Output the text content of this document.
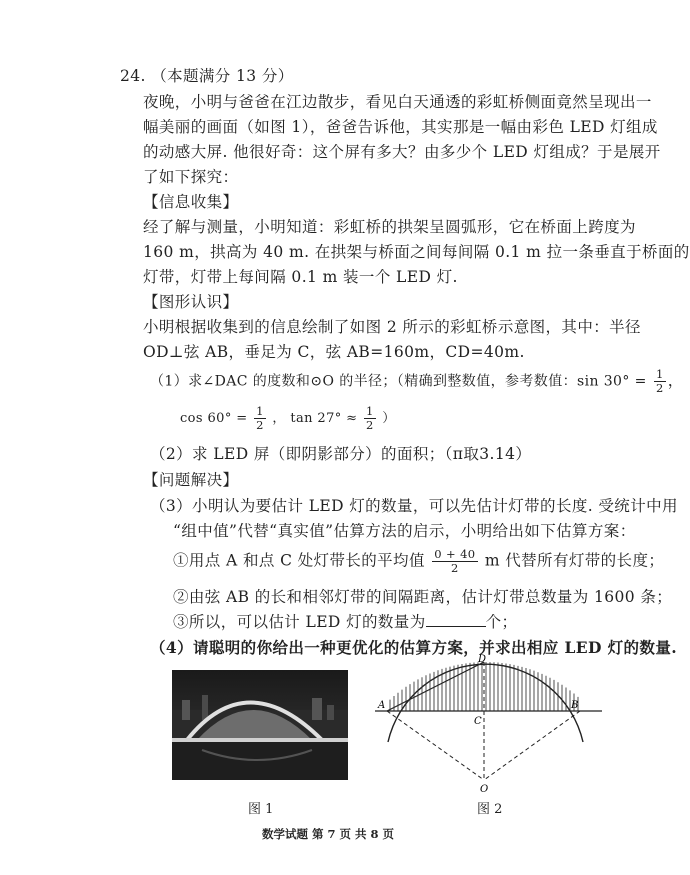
24. （本题满分 13 分）
夜晚，小明与爸爸在江边散步，看见白天通透的彩虹桥侧面竟然呈现出一
幅美丽的画面（如图 1），爸爸告诉他，其实那是一幅由彩色 LED 灯组成
的动感大屏. 他很好奇：这个屏有多大？由多少个 LED 灯组成？于是展开
了如下探究：
【信息收集】
经了解与测量，小明知道：彩虹桥的拱架呈圆弧形，它在桥面上跨度为
160 m，拱高为 40 m. 在拱架与桥面之间每间隔 0.1 m 拉一条垂直于桥面的
灯带，灯带上每间隔 0.1 m 装一个 LED 灯.
【图形认识】
小明根据收集到的信息绘制了如图 2 所示的彩虹桥示意图，其中：半径
OD⊥弦 AB，垂足为 C，弦 AB=160m，CD=40m.
（1）求∠DAC 的度数和⊙O 的半径；（精确到整数值，参考数值：$\sin 30^\circ = \frac{1}{2}$ ，
$\cos 60^\circ = \frac{1}{2}$ ， $\tan 27^\circ \approx \frac{1}{2}$ ）
（2）求 LED 屏（即阴影部分）的面积；（π取3.14）
【问题解决】
（3）小明认为要估计 LED 灯的数量，可以先估计灯带的长度. 受统计中用
“组中值”代替“真实值”估算方法的启示，小明给出如下估算方案：
①用点 A 和点 C 处灯带长的平均值 $\frac{0 + 40}{2}$ m 代替所有灯带的长度；
②由弦 AB 的长和相邻灯带的间隔距离，估计灯带总数量为 1600 条；
③所以，可以估计 LED 灯的数量为	个；
（4）请聪明的你给出一种更优化的估算方案，并求出相应 LED 灯的数量.
D
A	B
C
O
图 1	图 2
数学试题 第 7 页 共 8 页
